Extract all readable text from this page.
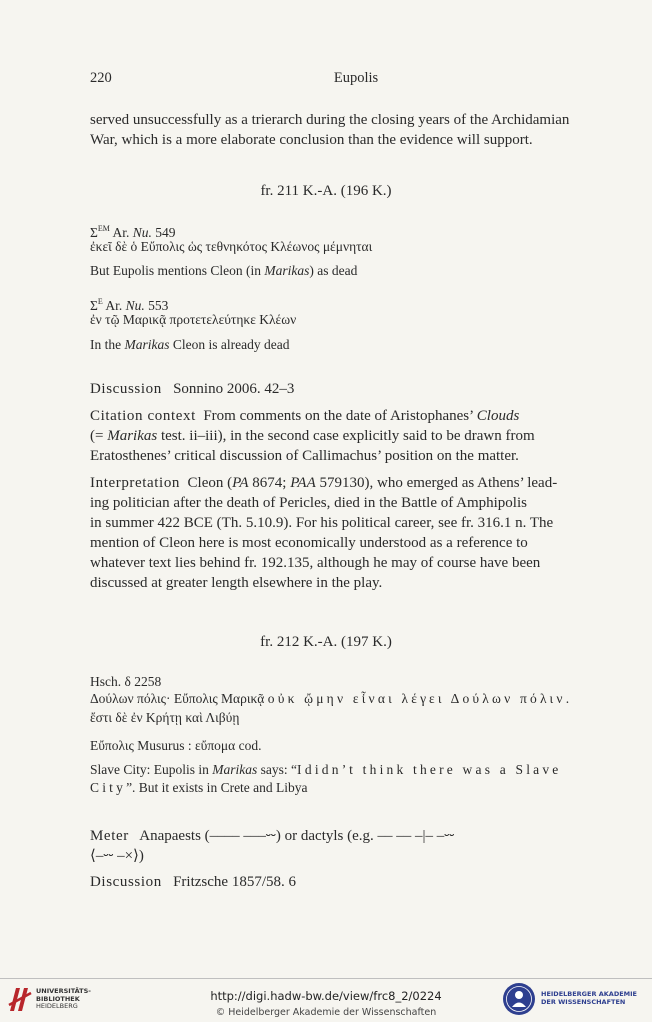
220	Eupolis
served unsuccessfully as a trierarch during the closing years of the Archidamian
War, which is a more elaborate conclusion than the evidence will support.
fr. 211 K.-A. (196 K.)
$\Sigma^{EM}$ Ar. Nu. 549
ἐκεῖ δὲ ὁ Εὔπολις ὡς τεθνηκότος Κλέωνος μέμνηται
But Eupolis mentions Cleon (in Marikas) as dead
$\Sigma^E$ Ar. Nu. 553
ἐν τῷ Μαρικᾷ προτετελεύτηκε Κλέων
In the Marikas Cleon is already dead
Discussion Sonnino 2006. 42–3
Citation context From comments on the date of Aristophanes’ Clouds
(= Marikas test. ii–iii), in the second case explicitly said to be drawn from
Eratosthenes’ critical discussion of Callimachus’ position on the matter.
Interpretation Cleon (PA 8674; PAA 579130), who emerged as Athens’ lead-
ing politician after the death of Pericles, died in the Battle of Amphipolis
in summer 422 BCE (Th. 5.10.9). For his political career, see fr. 316.1 n. The
mention of Cleon here is most economically understood as a reference to
whatever text lies behind fr. 192.135, although he may of course have been
discussed at greater length elsewhere in the play.
fr. 212 K.-A. (197 K.)
Hsch. δ 2258
Δούλων πόλις· Εὔπολις Μαρικᾷ οὐκ ᾤμην εἶναι λέγει Δούλων πόλιν.
ἔστι δὲ ἐν Κρήτῃ καὶ Λιβύῃ
Εὔπολις Musurus : εὔπομα cod.
Slave City: Eupolis in Marikas says: “I didn’t think there was a Slave
City”. But it exists in Crete and Libya
Meter Anapaests (–––– –––⏑⏑) or dactyls (e.g. –– –– –|– –⏑⏑
⟨–⏑⏑ –×⟩)
Discussion Fritzsche 1857/58. 6
UNIVERSITÄTS-
BIBLIOTHEK
HEIDELBERG
http://digi.hadw-bw.de/view/frc8_2/0224
© Heidelberger Akademie der Wissenschaften
HEIDELBERGER AKADEMIE
DER WISSENSCHAFTEN
